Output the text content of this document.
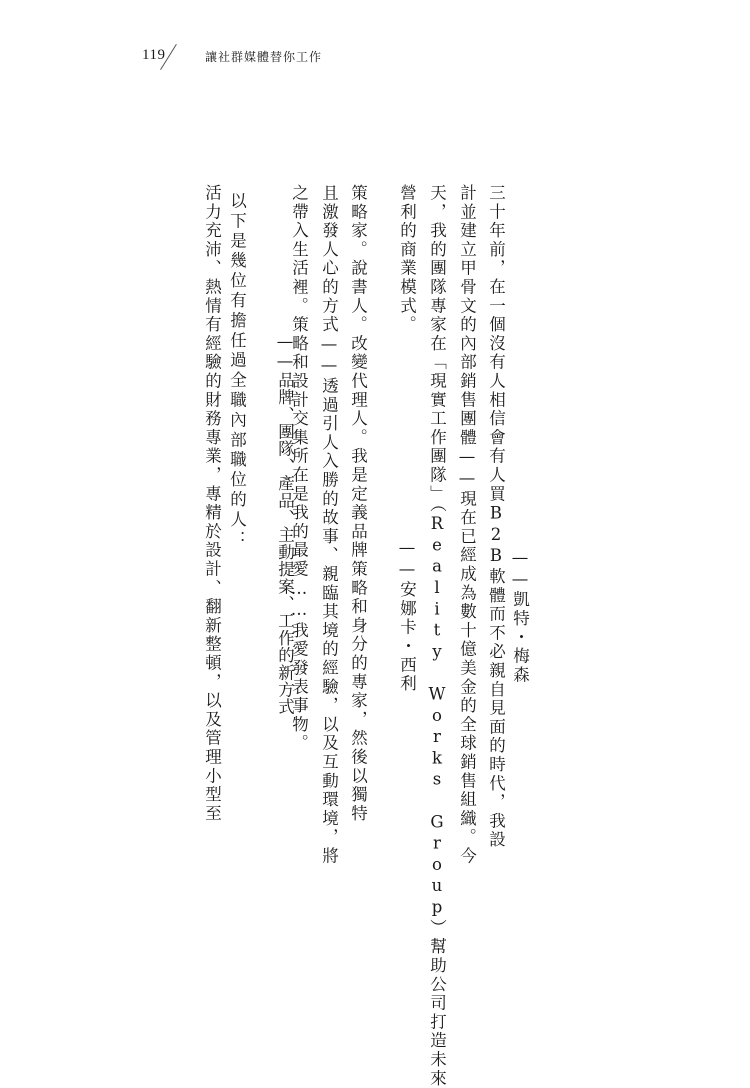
119	讓社群媒體替你工作
——凱特・梅森
三十年前，在一個沒有人相信會有人買B2B軟體而不必親自見面的時代，我設
計並建立甲骨文的內部銷售團體——現在已經成為數十億美金的全球銷售組織。今
天，我的團隊專家在「現實工作團隊」（Reality Works Group）幫助公司打造未來
營利的商業模式。
——安娜卡・西利
策略家。說書人。改變代理人。我是定義品牌策略和身分的專家，然後以獨特
且激發人心的方式——透過引人入勝的故事、親臨其境的經驗，以及互動環境，將
之帶入生活裡。策略和設計交集所在是我的最愛……我愛發表事物。
——品牌、團隊、產品、主動提案、工作的新方式
以下是幾位有擔任過全職內部職位的人：
活力充沛、熱情有經驗的財務專業，專精於設計、翻新整頓，以及管理小型至
